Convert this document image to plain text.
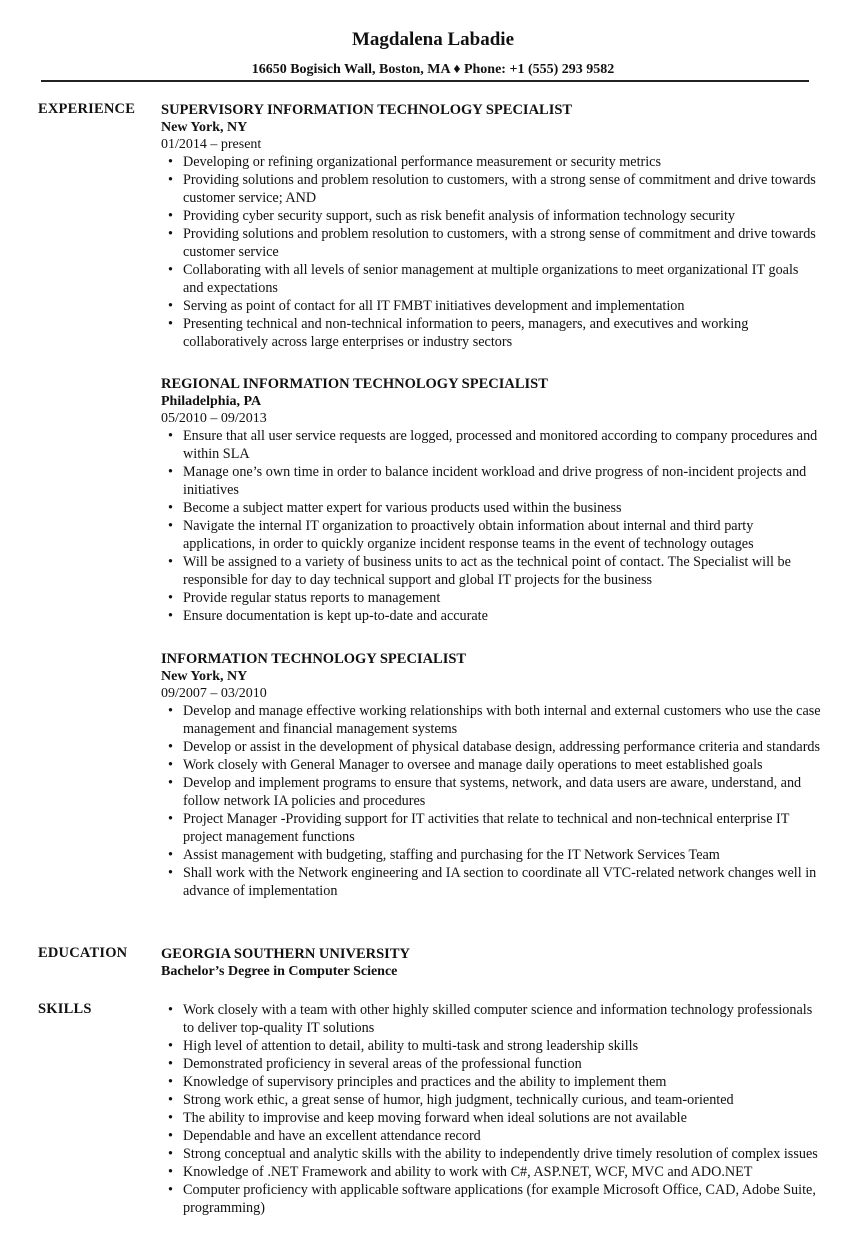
Magdalena Labadie
16650 Bogisich Wall, Boston, MA ♦ Phone: +1 (555) 293 9582
EXPERIENCE SUPERVISORY INFORMATION TECHNOLOGY SPECIALIST
New York, NY
01/2014 – present
• Developing or refining organizational performance measurement or security metrics
• Providing solutions and problem resolution to customers, with a strong sense of commitment and drive towards customer service; AND
• Providing cyber security support, such as risk benefit analysis of information technology security
• Providing solutions and problem resolution to customers, with a strong sense of commitment and drive towards customer service
• Collaborating with all levels of senior management at multiple organizations to meet organizational IT goals and expectations
• Serving as point of contact for all IT FMBT initiatives development and implementation
• Presenting technical and non-technical information to peers, managers, and executives and working collaboratively across large enterprises or industry sectors
REGIONAL INFORMATION TECHNOLOGY SPECIALIST
Philadelphia, PA
05/2010 – 09/2013
• Ensure that all user service requests are logged, processed and monitored according to company procedures and within SLA
• Manage one’s own time in order to balance incident workload and drive progress of non-incident projects and initiatives
• Become a subject matter expert for various products used within the business
• Navigate the internal IT organization to proactively obtain information about internal and third party applications, in order to quickly organize incident response teams in the event of technology outages
• Will be assigned to a variety of business units to act as the technical point of contact. The Specialist will be responsible for day to day technical support and global IT projects for the business
• Provide regular status reports to management
• Ensure documentation is kept up-to-date and accurate
INFORMATION TECHNOLOGY SPECIALIST
New York, NY
09/2007 – 03/2010
• Develop and manage effective working relationships with both internal and external customers who use the case management and financial management systems
• Develop or assist in the development of physical database design, addressing performance criteria and standards
• Work closely with General Manager to oversee and manage daily operations to meet established goals
• Develop and implement programs to ensure that systems, network, and data users are aware, understand, and follow network IA policies and procedures
• Project Manager -Providing support for IT activities that relate to technical and non-technical enterprise IT project management functions
• Assist management with budgeting, staffing and purchasing for the IT Network Services Team
• Shall work with the Network engineering and IA section to coordinate all VTC-related network changes well in advance of implementation
EDUCATION GEORGIA SOUTHERN UNIVERSITY
Bachelor’s Degree in Computer Science
SKILLS
•	Work closely with a team with other highly skilled computer science and information technology professionals to deliver top-quality IT solutions
• High level of attention to detail, ability to multi-task and strong leadership skills
• Demonstrated proficiency in several areas of the professional function
• Knowledge of supervisory principles and practices and the ability to implement them
• Strong work ethic, a great sense of humor, high judgment, technically curious, and team-oriented
• The ability to improvise and keep moving forward when ideal solutions are not available
• Dependable and have an excellent attendance record
• Strong conceptual and analytic skills with the ability to independently drive timely resolution of complex issues
• Knowledge of .NET Framework and ability to work with C#, ASP.NET, WCF, MVC and ADO.NET
• Computer proficiency with applicable software applications (for example Microsoft Office, CAD, Adobe Suite, programming)
